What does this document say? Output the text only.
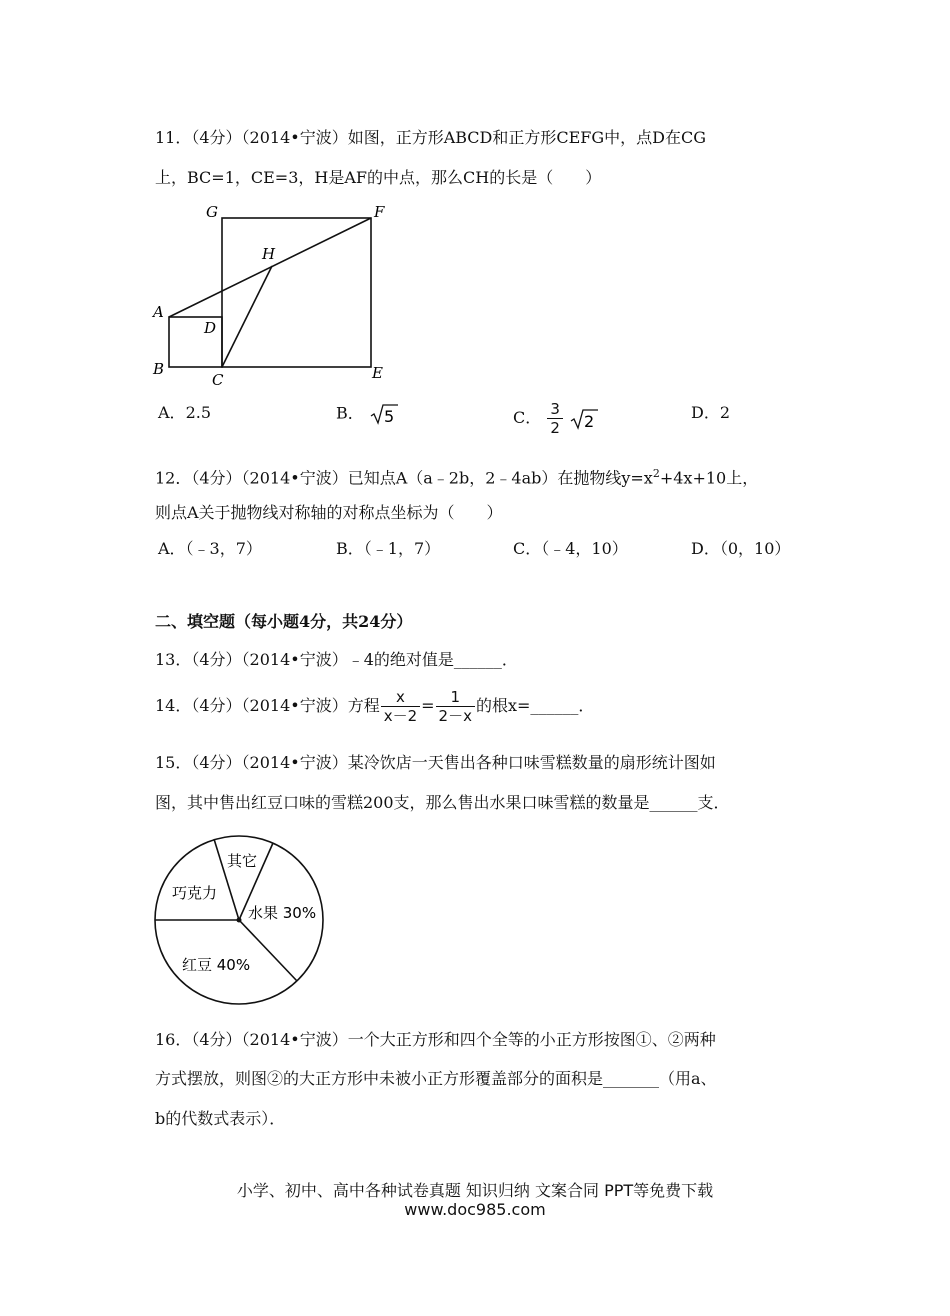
11．（4分）（2014•宁波）如图，正方形ABCD和正方形CEFG中，点D在CG
上，BC=1，CE=3，H是AF的中点，那么CH的长是（　　）
G	F
H
A
D
B
C	E
A．2.5	B． 5	C． $\frac{3}{2}$
2	D．2
12．（4分）（2014•宁波）已知点A（a﹣2b，2﹣4ab）在抛物线$y=x^2+4x+10$上，
则点A关于抛物线对称轴的对称点坐标为（　　）
A．（﹣3，7）	B．（﹣1，7）	C．（﹣4，10）	D．（0，10）
二、填空题（每小题4分，共24分）
13．（4分）（2014•宁波）﹣4的绝对值是______．
14．（4分）（2014•宁波）方程 $\frac{x}{x-2} = \frac{1}{2-x}$ 的根x=______．
15．（4分）（2014•宁波）某冷饮店一天售出各种口味雪糕数量的扇形统计图如
图，其中售出红豆口味的雪糕200支，那么售出水果口味雪糕的数量是______支．
其它
巧克力
水果 30%
红豆 40%
16．（4分）（2014•宁波）一个大正方形和四个全等的小正方形按图①、②两种
方式摆放，则图②的大正方形中未被小正方形覆盖部分的面积是_______（用a、
b的代数式表示）．
小学、初中、高中各种试卷真题 知识归纳 文案合同 PPT等免费下载
www.doc985.com
